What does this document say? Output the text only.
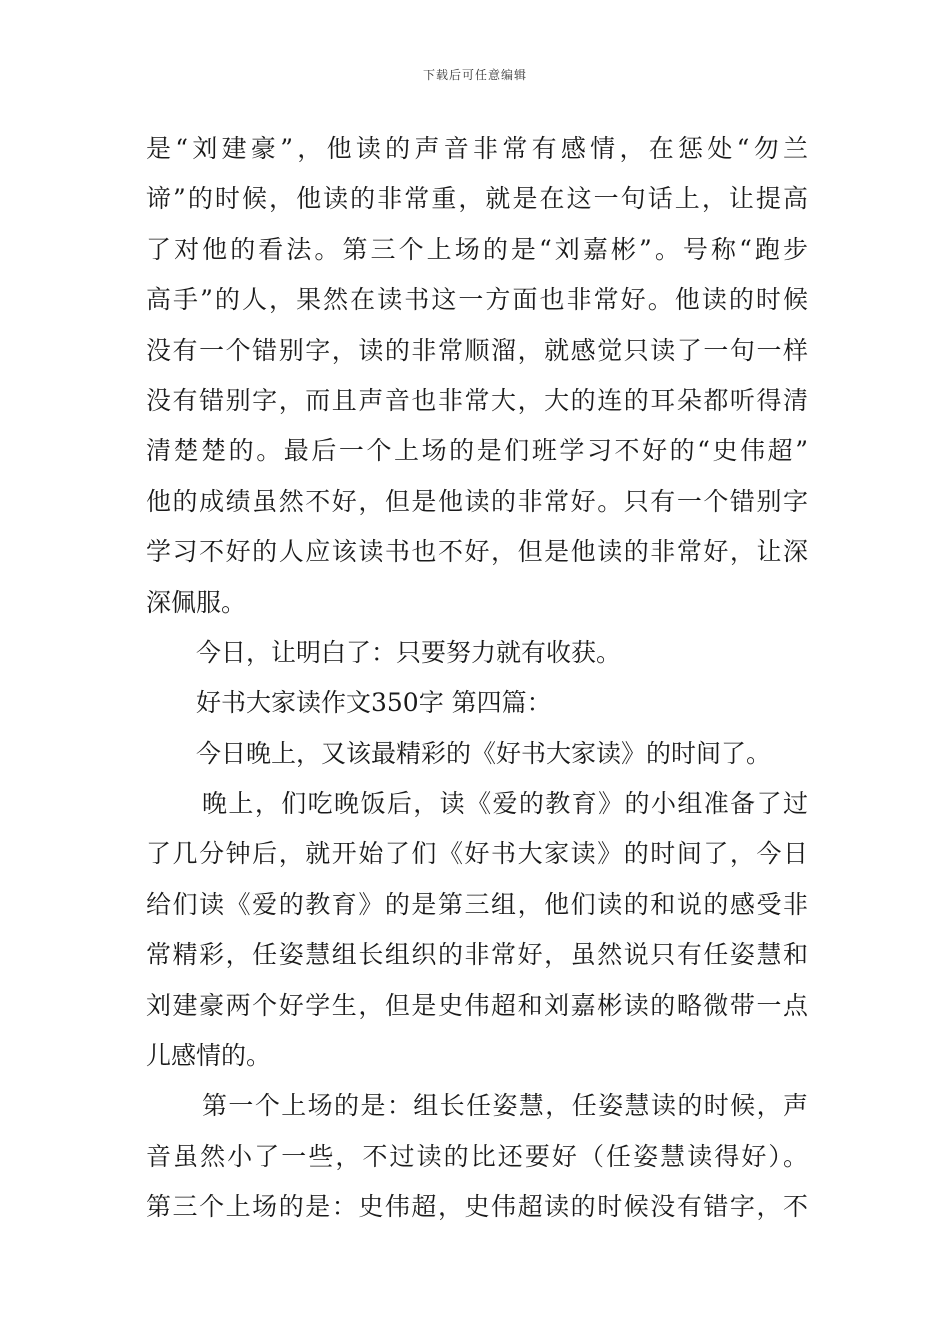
下载后可任意编辑
是“刘建豪”，他读的声音非常有感情，在惩处“勿兰
谛”的时候，他读的非常重，就是在这一句话上，让提高
了对他的看法。第三个上场的是“刘嘉彬”。号称“跑步
高手”的人，果然在读书这一方面也非常好。他读的时候
没有一个错别字，读的非常顺溜，就感觉只读了一句一样
没有错别字，而且声音也非常大，大的连的耳朵都听得清
清楚楚的。最后一个上场的是们班学习不好的“史伟超”
他的成绩虽然不好，但是他读的非常好。只有一个错别字
学习不好的人应该读书也不好，但是他读的非常好，让深
深佩服。
今日，让明白了：只要努力就有收获。
好书大家读作文350字 第四篇：
今日晚上，又该最精彩的《好书大家读》的时间了。
晚上，们吃晚饭后，读《爱的教育》的小组准备了过
了几分钟后，就开始了们《好书大家读》的时间了，今日
给们读《爱的教育》的是第三组，他们读的和说的感受非
常精彩，任姿慧组长组织的非常好，虽然说只有任姿慧和
刘建豪两个好学生，但是史伟超和刘嘉彬读的略微带一点
儿感情的。
第一个上场的是：组长任姿慧，任姿慧读的时候，声
音虽然小了一些，不过读的比还要好（任姿慧读得好）。
第三个上场的是：史伟超，史伟超读的时候没有错字，不
